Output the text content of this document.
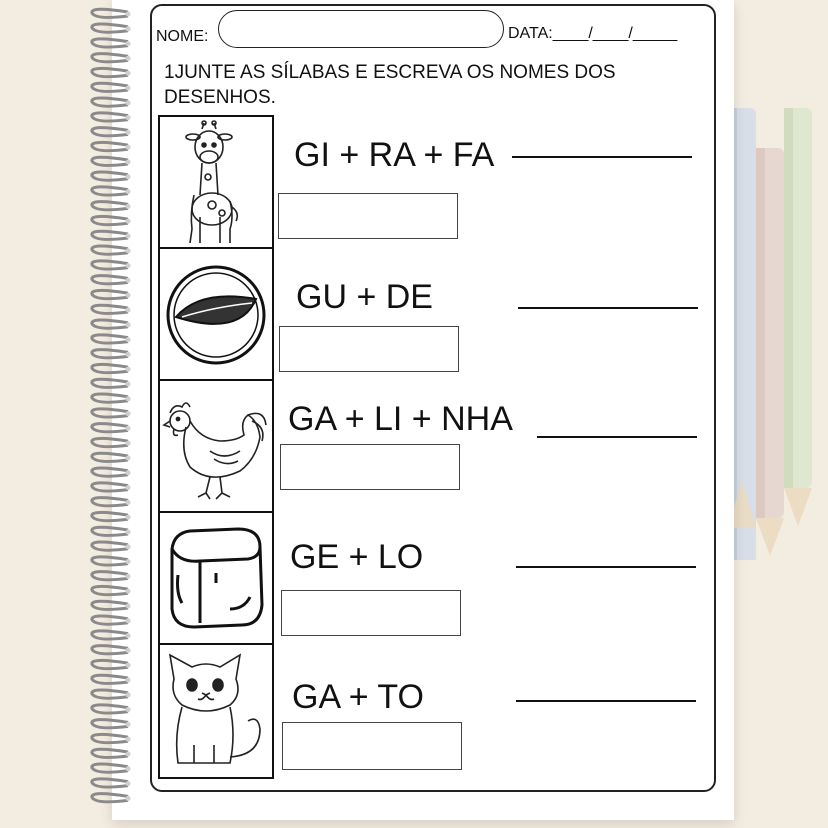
NOME:	DATA:____/____/_____
1JUNTE AS SÍLABAS E ESCREVA OS NOMES DOS DESENHOS.
GI + RA + FA
GU + DE
GA + LI + NHA
GE + LO
GA + TO
